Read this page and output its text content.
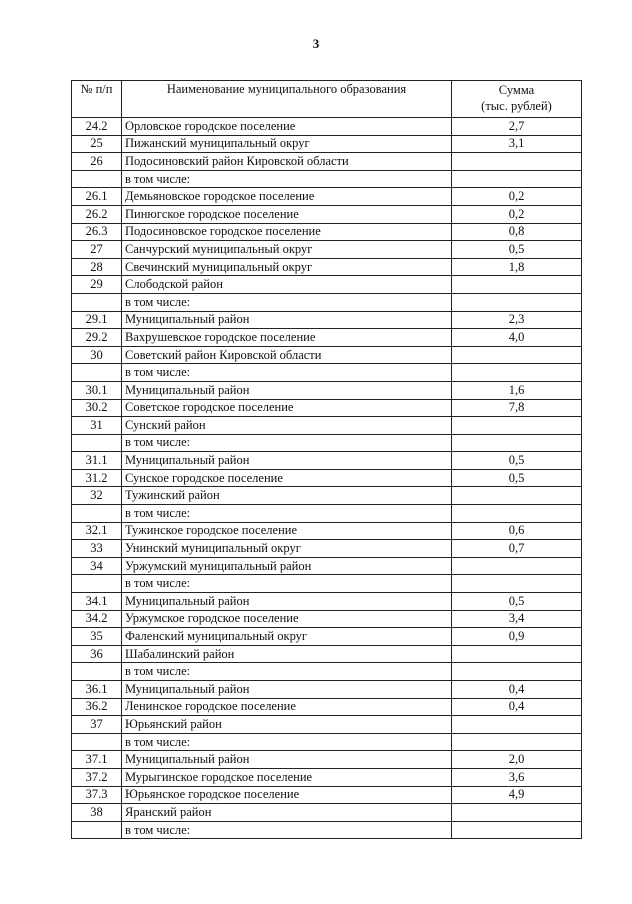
3
№ п/п	Наименование муниципального образования	Сумма
(тыс. рублей)
24.2	Орловское городское поселение	2,7
25	Пижанский муниципальный округ	3,1
26	Подосиновский район Кировской области	
	в том числе:	
26.1	Демьяновское городское поселение	0,2
26.2	Пинюгское городское поселение	0,2
26.3	Подосиновское городское поселение	0,8
27	Санчурский муниципальный округ	0,5
28	Свечинский муниципальный округ	1,8
29	Слободской район	
	в том числе:	
29.1	Муниципальный район	2,3
29.2	Вахрушевское городское поселение	4,0
30	Советский район Кировской области	
	в том числе:	
30.1	Муниципальный район	1,6
30.2	Советское городское поселение	7,8
31	Сунский район	
	в том числе:	
31.1	Муниципальный район	0,5
31.2	Сунское городское поселение	0,5
32	Тужинский район	
	в том числе:	
32.1	Тужинское городское поселение	0,6
33	Унинский муниципальный округ	0,7
34	Уржумский муниципальный район	
	в том числе:	
34.1	Муниципальный район	0,5
34.2	Уржумское городское поселение	3,4
35	Фаленский муниципальный округ	0,9
36	Шабалинский район	
	в том числе:	
36.1	Муниципальный район	0,4
36.2	Ленинское городское поселение	0,4
37	Юрьянский район	
	в том числе:	
37.1	Муниципальный район	2,0
37.2	Мурыгинское городское поселение	3,6
37.3	Юрьянское городское поселение	4,9
38	Яранский район	
	в том числе:	
